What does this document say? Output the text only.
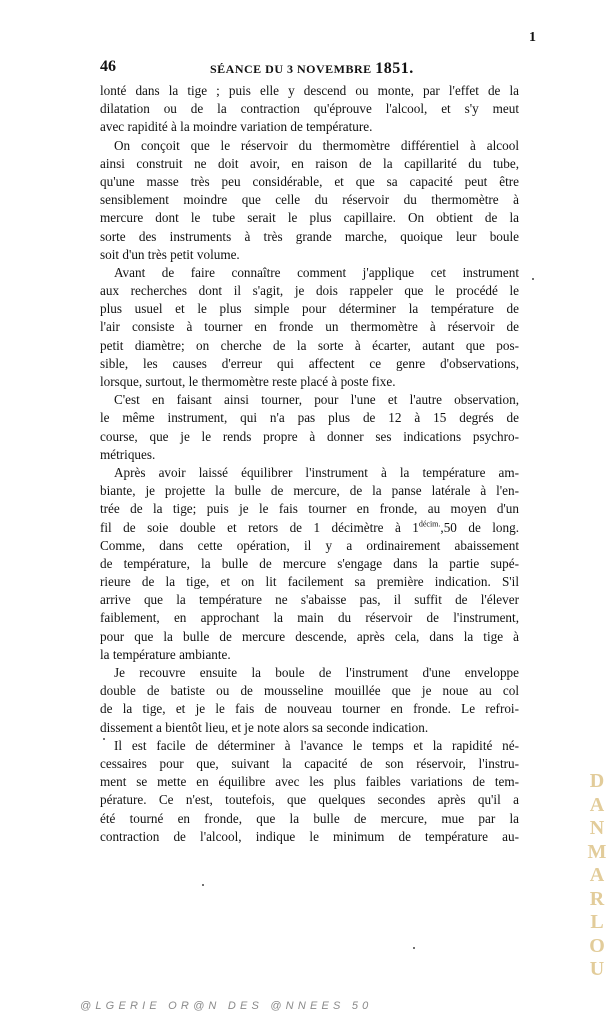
46	SÉANCE DU 3 NOVEMBRE 1851.
1
lonté dans la tige ; puis elle y descend ou monte, par l'effet de la
dilatation ou de la contraction qu'éprouve l'alcool, et s'y meut
avec rapidité à la moindre variation de température.
On conçoit que le réservoir du thermomètre différentiel à alcool
ainsi construit ne doit avoir, en raison de la capillarité du tube,
qu'une masse très peu considérable, et que sa capacité peut être
sensiblement moindre que celle du réservoir du thermomètre à
mercure dont le tube serait le plus capillaire. On obtient de la
sorte des instruments à très grande marche, quoique leur boule
soit d'un très petit volume.
Avant de faire connaître comment j'applique cet instrument
aux recherches dont il s'agit, je dois rappeler que le procédé le
plus usuel et le plus simple pour déterminer la température de
l'air consiste à tourner en fronde un thermomètre à réservoir de
petit diamètre; on cherche de la sorte à écarter, autant que pos-
sible, les causes d'erreur qui affectent ce genre d'observations,
lorsque, surtout, le thermomètre reste placé à poste fixe.
C'est en faisant ainsi tourner, pour l'une et l'autre observation,
le même instrument, qui n'a pas plus de 12 à 15 degrés de
course, que je le rends propre à donner ses indications psychro-
métriques.
Après avoir laissé équilibrer l'instrument à la température am-
biante, je projette la bulle de mercure, de la panse latérale à l'en-
trée de la tige; puis je le fais tourner en fronde, au moyen d'un
fil de soie double et retors de 1 décimètre à $1^{décim.},50$ de long.
Comme, dans cette opération, il y a ordinairement abaissement
de température, la bulle de mercure s'engage dans la partie supé-
rieure de la tige, et on lit facilement sa première indication. S'il
arrive que la température ne s'abaisse pas, il suffit de l'élever
faiblement, en approchant la main du réservoir de l'instrument,
pour que la bulle de mercure descende, après cela, dans la tige à
la température ambiante.
Je recouvre ensuite la boule de l'instrument d'une enveloppe
double de batiste ou de mousseline mouillée que je noue au col
de la tige, et je le fais de nouveau tourner en fronde. Le refroi-
dissement a bientôt lieu, et je note alors sa seconde indication.
Il est facile de déterminer à l'avance le temps et la rapidité né-
cessaires pour que, suivant la capacité de son réservoir, l'instru-
ment se mette en équilibre avec les plus faibles variations de tem-
pérature. Ce n'est, toutefois, que quelques secondes après qu'il a
été tourné en fronde, que la bulle de mercure, mue par la
contraction de l'alcool, indique le minimum de température au-
D
A
N
M
A
R
L
O
U
@LGERIE OR@N DES @NNEES 50
